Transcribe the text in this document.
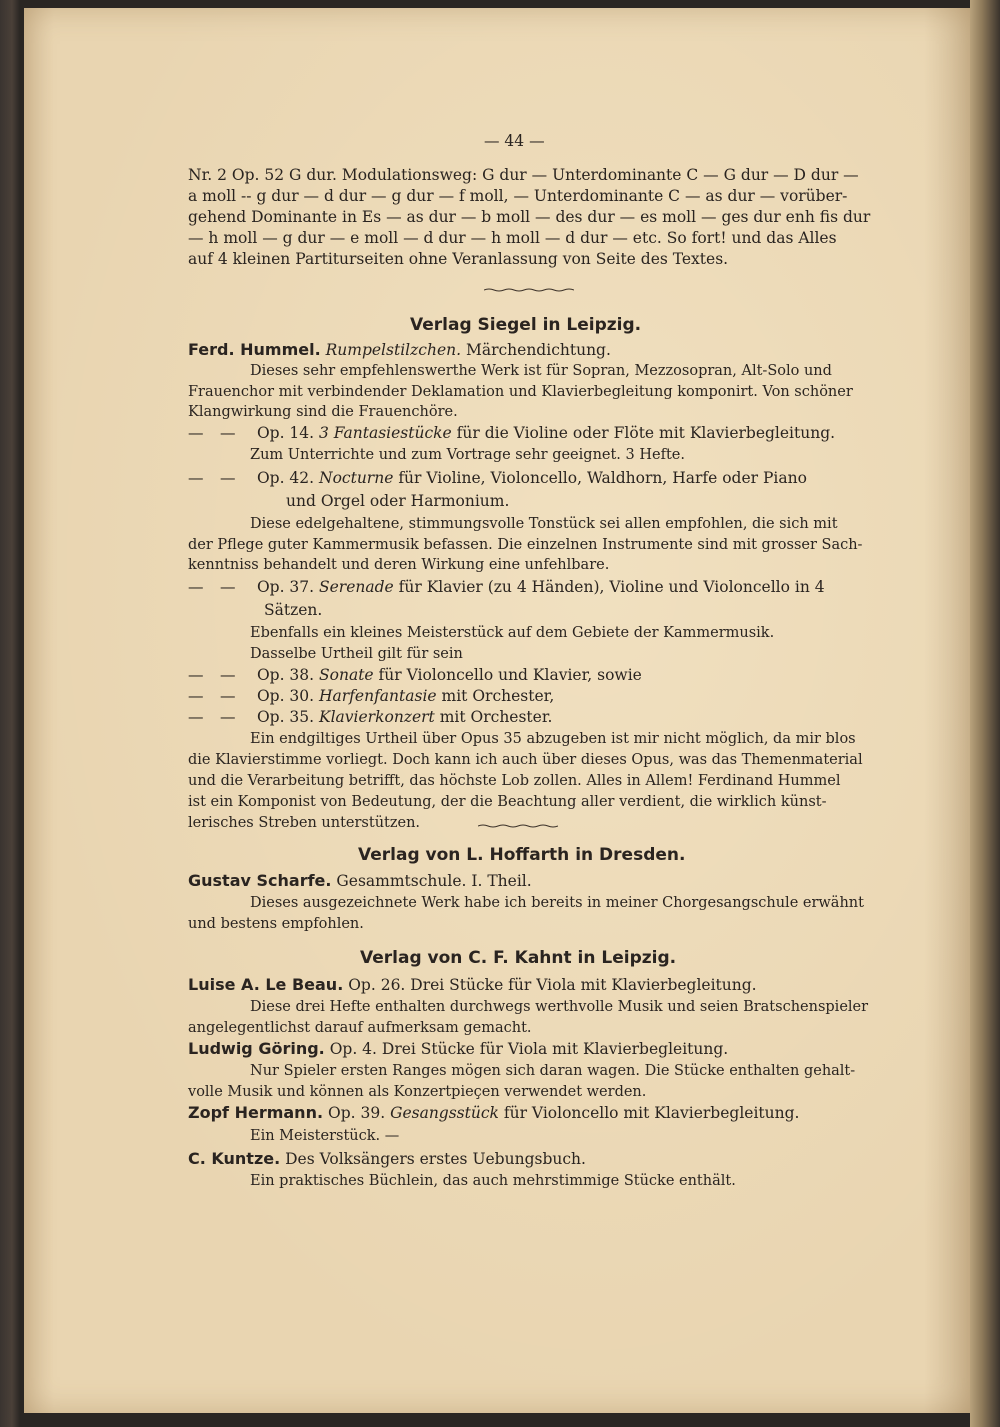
— 44 —
Nr. 2 Op. 52 G dur. Modulationsweg: G dur — Unterdominante C — G dur — D dur —
a moll -- g dur — d dur — g dur — f moll, — Unterdominante C — as dur — vorüber-
gehend Dominante in Es — as dur — b moll — des dur — es moll — ges dur enh fis dur
— h moll — g dur — e moll — d dur — h moll — d dur — etc. So fort! und das Alles
auf 4 kleinen Partiturseiten ohne Veranlassung von Seite des Textes.
Verlag Siegel in Leipzig.
Ferd. Hummel. Rumpelstilzchen. Märchendichtung.
Dieses sehr empfehlenswerthe Werk ist für Sopran, Mezzosopran, Alt-Solo und
Frauenchor mit verbindender Deklamation und Klavierbegleitung komponirt. Von schöner
Klangwirkung sind die Frauenchöre.
— — Op. 14. 3 Fantasiestücke für die Violine oder Flöte mit Klavierbegleitung.
Zum Unterrichte und zum Vortrage sehr geeignet. 3 Hefte.
— — Op. 42. Nocturne für Violine, Violoncello, Waldhorn, Harfe oder Piano
und Orgel oder Harmonium.
Diese edelgehaltene, stimmungsvolle Tonstück sei allen empfohlen, die sich mit
der Pflege guter Kammermusik befassen. Die einzelnen Instrumente sind mit grosser Sach-
kenntniss behandelt und deren Wirkung eine unfehlbare.
— — Op. 37. Serenade für Klavier (zu 4 Händen), Violine und Violoncello in 4
Sätzen.
Ebenfalls ein kleines Meisterstück auf dem Gebiete der Kammermusik.
Dasselbe Urtheil gilt für sein
— — Op. 38. Sonate für Violoncello und Klavier, sowie
— — Op. 30. Harfenfantasie mit Orchester,
— — Op. 35. Klavierkonzert mit Orchester.
Ein endgiltiges Urtheil über Opus 35 abzugeben ist mir nicht möglich, da mir blos
die Klavierstimme vorliegt. Doch kann ich auch über dieses Opus, was das Themenmaterial
und die Verarbeitung betrifft, das höchste Lob zollen. Alles in Allem! Ferdinand Hummel
ist ein Komponist von Bedeutung, der die Beachtung aller verdient, die wirklich künst-
lerisches Streben unterstützen.
Verlag von L. Hoffarth in Dresden.
Gustav Scharfe. Gesammtschule. I. Theil.
Dieses ausgezeichnete Werk habe ich bereits in meiner Chorgesangschule erwähnt
und bestens empfohlen.
Verlag von C. F. Kahnt in Leipzig.
Luise A. Le Beau. Op. 26. Drei Stücke für Viola mit Klavierbegleitung.
Diese drei Hefte enthalten durchwegs werthvolle Musik und seien Bratschenspieler
angelegentlichst darauf aufmerksam gemacht.
Ludwig Göring. Op. 4. Drei Stücke für Viola mit Klavierbegleitung.
Nur Spieler ersten Ranges mögen sich daran wagen. Die Stücke enthalten gehalt-
volle Musik und können als Konzertpieçen verwendet werden.
Zopf Hermann. Op. 39. Gesangsstück für Violoncello mit Klavierbegleitung.
Ein Meisterstück. —
C. Kuntze. Des Volksängers erstes Uebungsbuch.
Ein praktisches Büchlein, das auch mehrstimmige Stücke enthält.
